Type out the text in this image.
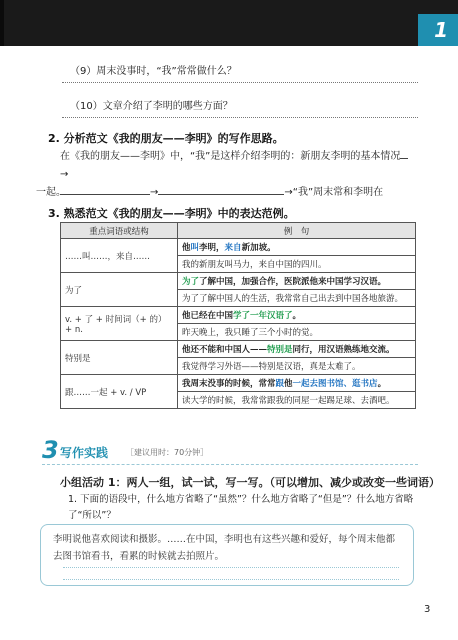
1
（9）周末没事时，“我”常常做什么？
（10）文章介绍了李明的哪些方面？
2. 分析范文《我的朋友——李明》的写作思路。
在《我的朋友——李明》中，“我”是这样介绍李明的：新朋友李明的基本情况→
→	→“我”周末常和李明在
一起。
3. 熟悉范文《我的朋友——李明》中的表达范例。
重点词语或结构	例　句
……叫……，来自……	他叫李明，来自新加坡。
	我的新朋友叫马力，来自中国的四川。
为了	为了了解中国，加强合作，医院派他来中国学习汉语。
	为了了解中国人的生活，我常常自己出去到中国各地旅游。
v. + 了 + 时间词（+ 的）+ n.	他已经在中国学了一年汉语了。
	昨天晚上，我只睡了三个小时的觉。
特别是	他还不能和中国人——特别是同行，用汉语熟练地交流。
	我觉得学习外语——特别是汉语，真是太难了。
跟……一起 + v. / VP	我周末没事的时候，常常跟他一起去图书馆、逛书店。
	读大学的时候，我常常跟我的同屋一起踢足球、去酒吧。
3 写作实践 ［建议用时：70分钟］
小组活动 1：两人一组，试一试，写一写。（可以增加、减少或改变一些词语）
1. 下面的语段中，什么地方省略了“虽然”？什么地方省略了“但是”？什么地方省略了“所以”？
李明说他喜欢阅读和摄影。……在中国，李明也有这些兴趣和爱好，每个周末他都去图书馆看书，看累的时候就去拍照片。
3
